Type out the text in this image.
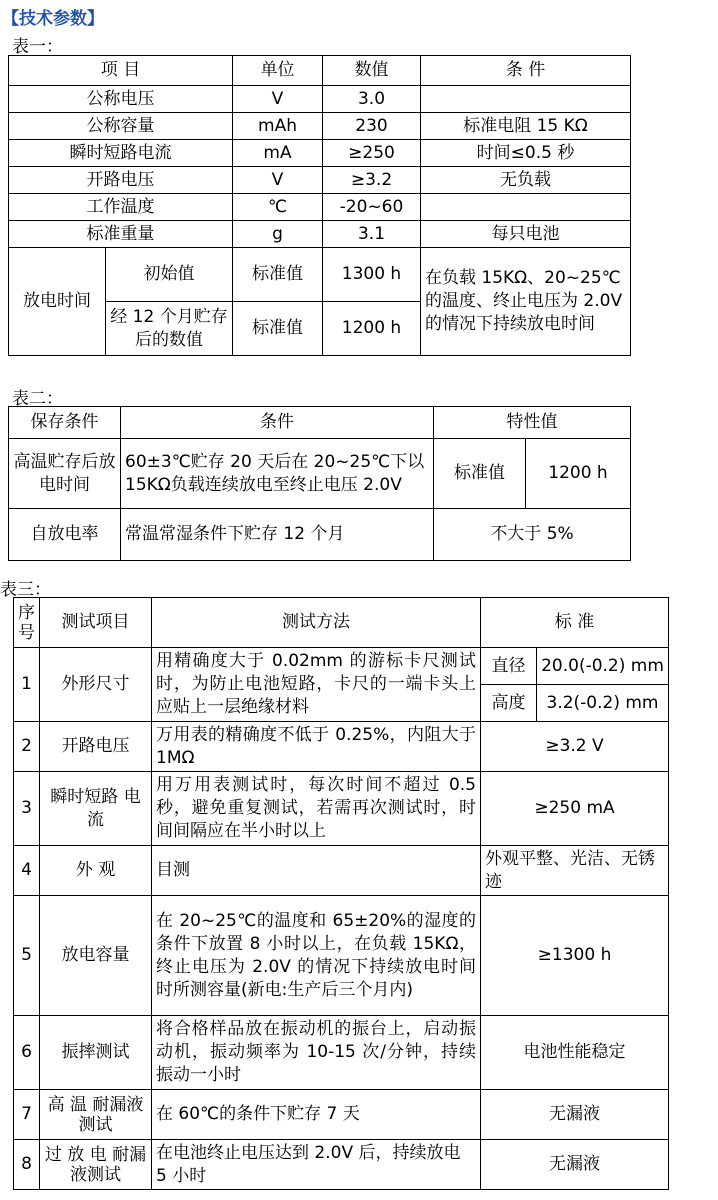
【技术参数】
表一：
项 目		单位	数值	条 件
公称电压		V	3.0	
公称容量		mAh	230	标准电阻 15 KΩ
瞬时短路电流		mA	≥250	时间≤0.5 秒
开路电压		V	≥3.2	无负载
工作温度		℃	-20~60	
标准重量		g	3.1	每只电池
放电时间	初始值	标准值	1300 h	在负载 15KΩ、20~25℃的温度、终止电压为 2.0V 的情况下持续放电时间
	经 12 个月贮存后的数值	标准值	1200 h	
表二：
保存条件	条件	特性值	
高温贮存后放电时间	60±3℃贮存 20 天后在 20~25℃下以 15KΩ负载连续放电至终止电压 2.0V	标准值	1200 h
自放电率	常温常湿条件下贮存 12 个月	不大于 5%	
表三：
序号	测试项目	测试方法	标 准	
1	外形尺寸	用精确度大于 0.02mm 的游标卡尺测试时，为防止电池短路，卡尺的一端卡头上应贴上一层绝缘材料	直径	20.0(-0.2) mm
			高度	3.2(-0.2) mm
2	开路电压	万用表的精确度不低于 0.25%，内阻大于 1MΩ	≥3.2 V	
3	瞬时短路 电 流	用万用表测试时，每次时间不超过 0.5 秒，避免重复测试，若需再次测试时，时间间隔应在半小时以上	≥250 mA	
4	外 观	目测	外观平整、光洁、无锈迹	
5	放电容量	在 20~25℃的温度和 65±20%的湿度的条件下放置 8 小时以上，在负载 15KΩ，终止电压为 2.0V 的情况下持续放电时间时所测容量(新电:生产后三个月内)	≥1300 h	
6	振摔测试	将合格样品放在振动机的振台上，启动振动机，振动频率为 10-15 次/分钟，持续振动一小时	电池性能稳定	
7	高 温 耐漏液测试	在 60℃的条件下贮存 7 天	无漏液	
8	过 放 电 耐漏液测试	在电池终止电压达到 2.0V 后，持续放电 5 小时	无漏液	
